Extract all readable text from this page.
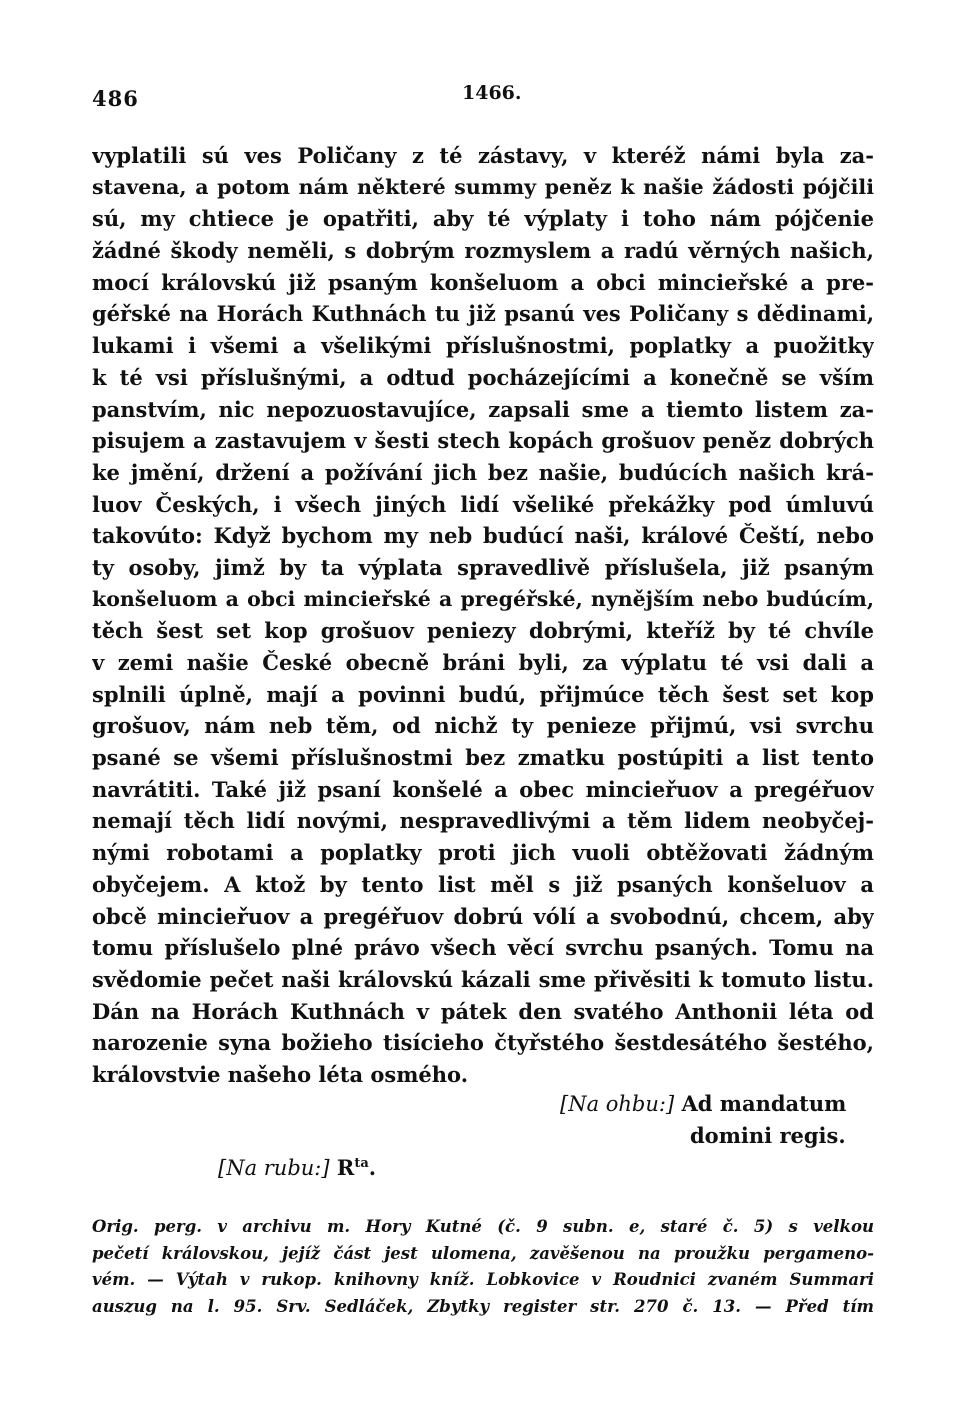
486	1466.
vyplatili sú ves Poličany z té zástavy, v kteréž námi byla za-
stavena, a potom nám některé summy peněz k našie žádosti pójčili
sú, my chtiece je opatřiti, aby té výplaty i toho nám pójčenie
žádné škody neměli, s dobrým rozmyslem a radú věrných našich,
mocí královskú již psaným konšeluom a obci mincieřské a pre-
géřské na Horách Kuthnách tu již psanú ves Poličany s dědinami,
lukami i všemi a všelikými příslušnostmi, poplatky a puožitky
k té vsi příslušnými, a odtud pocházejícími a konečně se vším
panstvím, nic nepozuostavujíce, zapsali sme a tiemto listem za-
pisujem a zastavujem v šesti stech kopách grošuov peněz dobrých
ke jmění, držení a požívání jich bez našie, budúcích našich krá-
luov Českých, i všech jiných lidí všeliké překážky pod úmluvú
takovúto: Když bychom my neb budúcí naši, králové Čeští, nebo
ty osoby, jimž by ta výplata spravedlivě příslušela, již psaným
konšeluom a obci mincieřské a pregéřské, nynějším nebo budúcím,
těch šest set kop grošuov peniezy dobrými, kteříž by té chvíle
v zemi našie České obecně bráni byli, za výplatu té vsi dali a
splnili úplně, mají a povinni budú, přijmúce těch šest set kop
grošuov, nám neb těm, od nichž ty penieze přijmú, vsi svrchu
psané se všemi příslušnostmi bez zmatku postúpiti a list tento
navrátiti. Také již psaní konšelé a obec mincieřuov a pregéřuov
nemají těch lidí novými, nespravedlivými a těm lidem neobyčej-
nými robotami a poplatky proti jich vuoli obtěžovati žádným
obyčejem. A ktož by tento list měl s již psaných konšeluov a
obcě mincieřuov a pregéřuov dobrú vólí a svobodnú, chcem, aby
tomu příslušelo plné právo všech věcí svrchu psaných. Tomu na
svědomie pečet naši královskú kázali sme přivěsiti k tomuto listu.
Dán na Horách Kuthnách v pátek den svatého Anthonii léta od
narozenie syna božieho tisícieho čtyřstého šestdesátého šestého,
královstvie našeho léta osmého.
[Na ohbu:] Ad mandatum
domini regis.
[Na rubu:] $R^{ta}$.
Orig. perg. v archivu m. Hory Kutné (č. 9 subn. e, staré č. 5) s velkou
pečetí královskou, jejíž část jest ulomena, zavěšenou na proužku pergameno-
vém. — Výtah v rukop. knihovny kníž. Lobkovice v Roudnici zvaném Summari
auszug na l. 95. Srv. Sedláček, Zbytky register str. 270 č. 13. — Před tím
